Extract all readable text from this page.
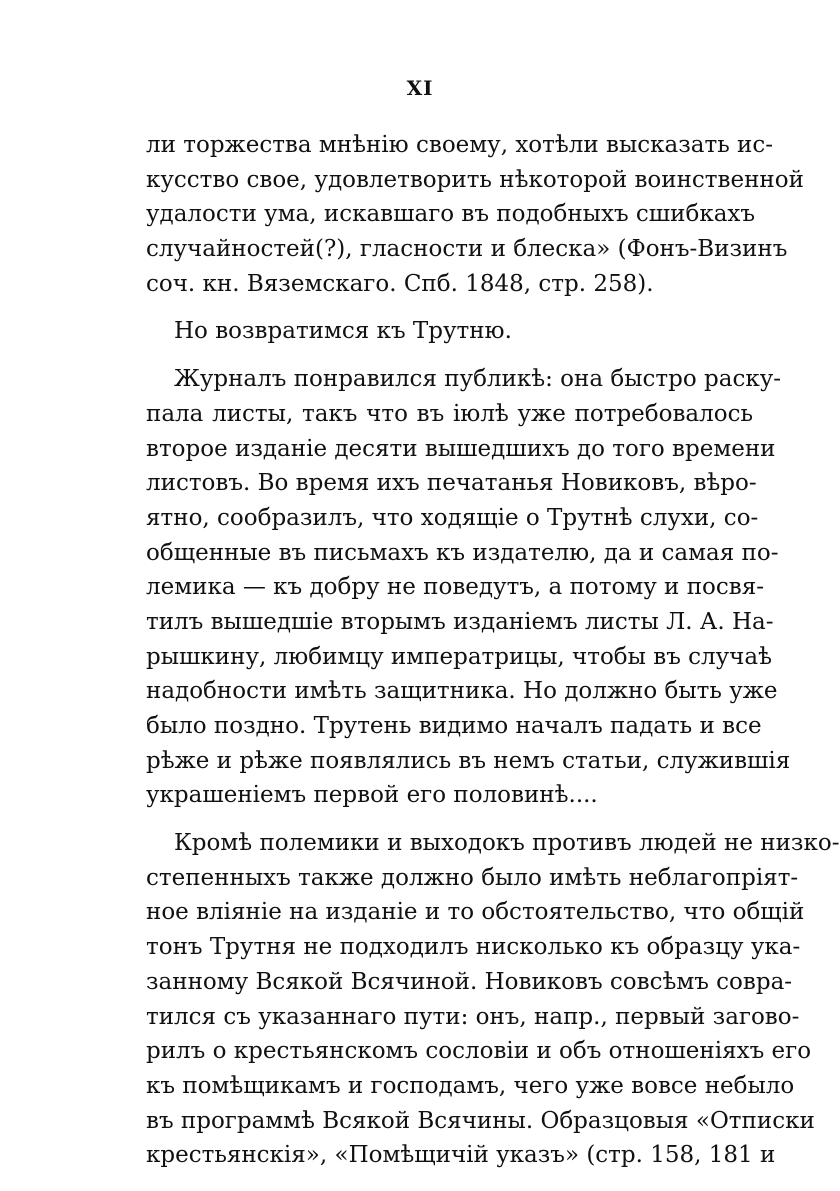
XI
ли торжества мнѣнію своему, хотѣли высказать ис-
кусство свое, удовлетворить нѣкоторой воинственной
удалости ума, искавшаго въ подобныхъ сшибкахъ
случайностей(?), гласности и блеска» (Фонъ-Визинъ
соч. кн. Вяземскаго. Спб. 1848, стр. 258).
Но возвратимся къ Трутню.
Журналъ понравился публикѣ: она быстро раску-
пала листы, такъ что въ іюлѣ уже потребовалось
второе изданіе десяти вышедшихъ до того времени
листовъ. Во время ихъ печатанья Новиковъ, вѣро-
ятно, сообразилъ, что ходящіе о Трутнѣ слухи, со-
общенные въ письмахъ къ издателю, да и самая по-
лемика — къ добру не поведутъ, а потому и посвя-
тилъ вышедшіе вторымъ изданіемъ листы Л. А. На-
рышкину, любимцу императрицы, чтобы въ случаѣ
надобности имѣть защитника. Но должно быть уже
было поздно. Трутень видимо началъ падать и все
рѣже и рѣже появлялись въ немъ статьи, служившія
украшеніемъ первой его половинѣ....
Кромѣ полемики и выходокъ противъ людей не низко-
степенныхъ также должно было имѣть неблагопріят-
ное вліяніе на изданіе и то обстоятельство, что общій
тонъ Трутня не подходилъ нисколько къ образцу ука-
занному Всякой Всячиной. Новиковъ совсѣмъ совра-
тился съ указаннаго пути: онъ, напр., первый загово-
рилъ о крестьянскомъ сословіи и объ отношеніяхъ его
къ помѣщикамъ и господамъ, чего уже вовсе небыло
въ программѣ Всякой Всячины. Образцовыя «Отписки
крестьянскія», «Помѣщичій указъ» (стр. 158, 181 и
